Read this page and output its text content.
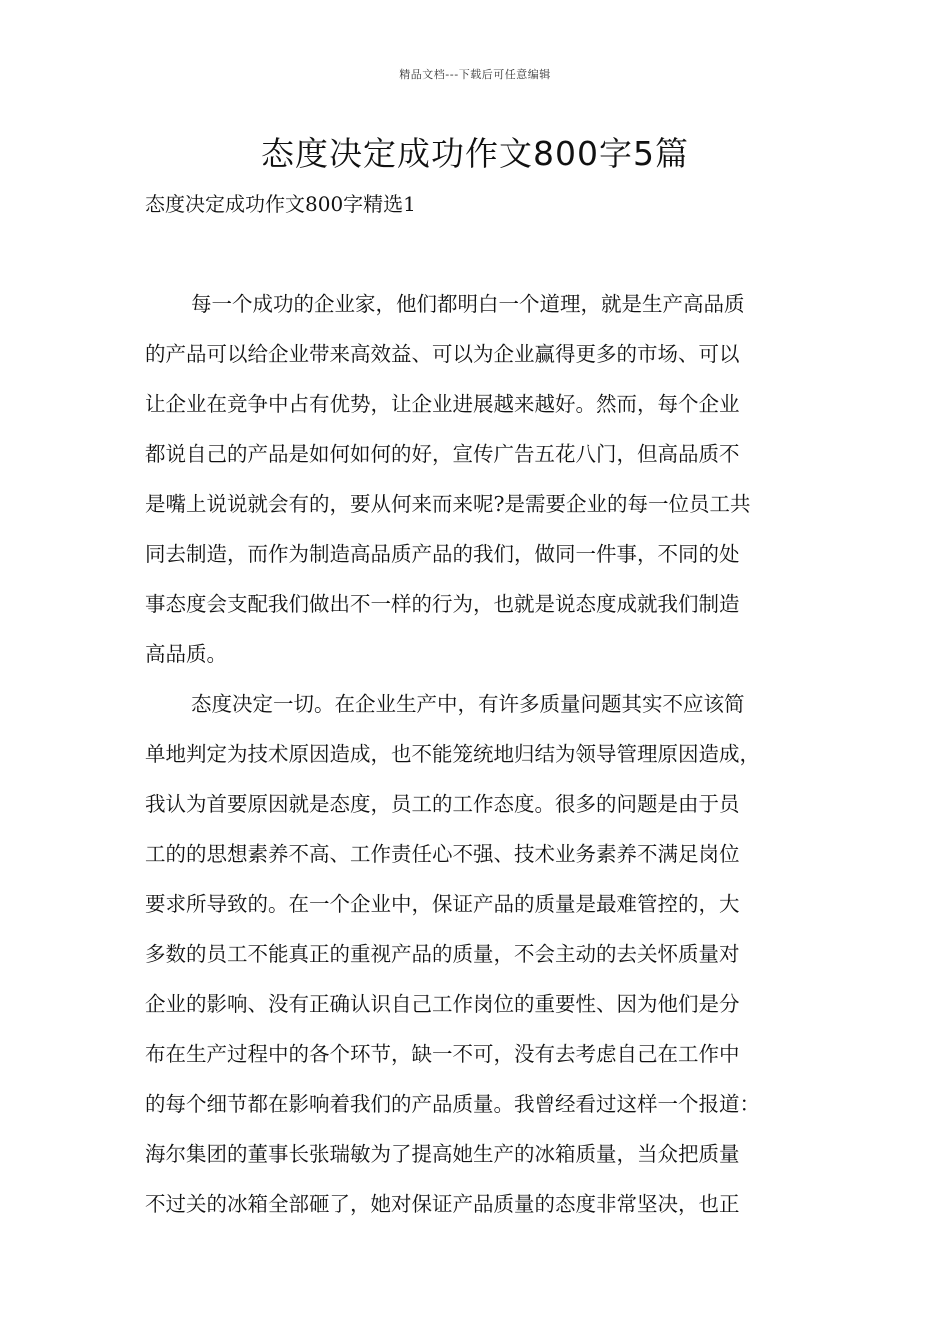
精品文档---下载后可任意编辑
态度决定成功作文800字5篇

态度决定成功作文800字精选1

每一个成功的企业家，他们都明白一个道理，就是生产高品质
的产品可以给企业带来高效益、可以为企业赢得更多的市场、可以
让企业在竞争中占有优势，让企业进展越来越好。然而，每个企业
都说自己的产品是如何如何的好，宣传广告五花八门，但高品质不
是嘴上说说就会有的，要从何来而来呢?是需要企业的每一位员工共
同去制造，而作为制造高品质产品的我们，做同一件事，不同的处
事态度会支配我们做出不一样的行为，也就是说态度成就我们制造
高品质。
态度决定一切。在企业生产中，有许多质量问题其实不应该简
单地判定为技术原因造成，也不能笼统地归结为领导管理原因造成，
我认为首要原因就是态度，员工的工作态度。很多的问题是由于员
工的的思想素养不高、工作责任心不强、技术业务素养不满足岗位
要求所导致的。在一个企业中，保证产品的质量是最难管控的，大
多数的员工不能真正的重视产品的质量，不会主动的去关怀质量对
企业的影响、没有正确认识自己工作岗位的重要性、因为他们是分
布在生产过程中的各个环节，缺一不可，没有去考虑自己在工作中
的每个细节都在影响着我们的产品质量。我曾经看过这样一个报道：
海尔集团的董事长张瑞敏为了提高她生产的冰箱质量，当众把质量
不过关的冰箱全部砸了，她对保证产品质量的态度非常坚决，也正
